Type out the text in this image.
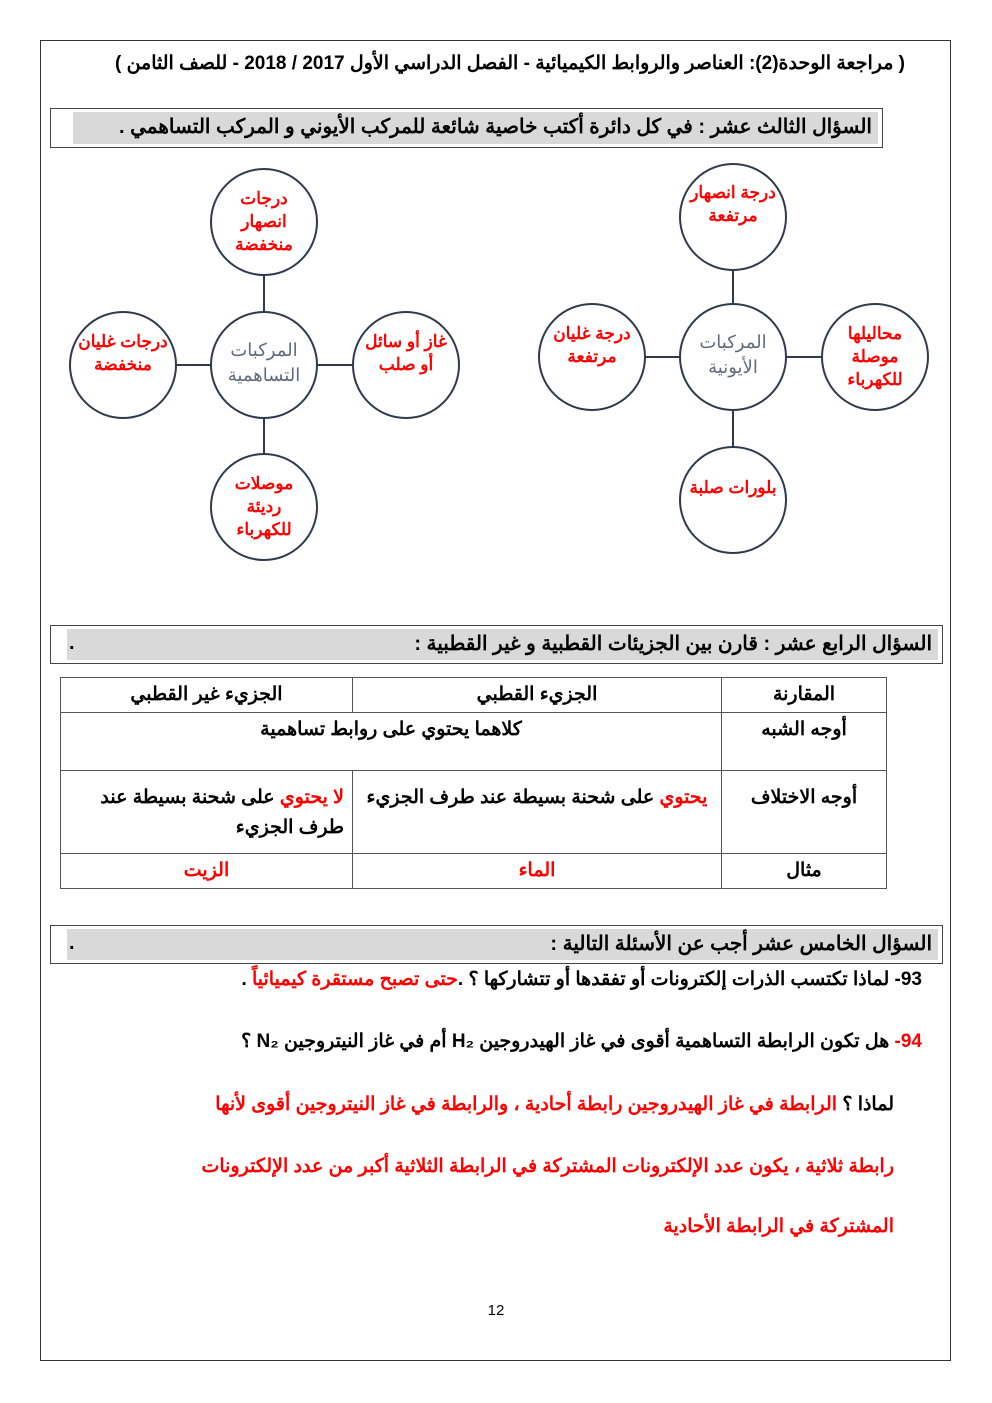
( مراجعة الوحدة(2): العناصر والروابط الكيميائية - الفصل الدراسي الأول 2017 / 2018 - للصف الثامن )
السؤال الثالث عشر : في كل دائرة أكتب خاصية شائعة للمركب الأيوني و المركب التساهمي .
المركبات التساهمية
درجات انصهار منخفضة
درجات غليان منخفضة
غاز أو سائل أو صلب
موصلات رديئة للكهرباء
المركبات الأيونية
درجة انصهار مرتفعة
درجة غليان مرتفعة
محاليلها موصلة للكهرباء
بلورات صلبة
السؤال الرابع عشر : قارن بين الجزيئات القطبية و غير القطبية :
.
المقارنة	الجزيء القطبي	الجزيء غير القطبي
أوجه الشبه	كلاهما يحتوي على روابط تساهمية	
أوجه الاختلاف	يحتوي على شحنة بسيطة عند طرف الجزيء	لا يحتوي على شحنة بسيطة عند طرف الجزيء
مثال	الماء	الزيت
السؤال الخامس عشر أجب عن الأسئلة التالية :
.
93- لماذا تكتسب الذرات إلكترونات أو تفقدها أو تتشاركها ؟ .حتى تصبح مستقرة كيميائياً .
94- هل تكون الرابطة التساهمية أقوى في غاز الهيدروجين H₂ أم في غاز النيتروجين N₂ ؟
لماذا ؟ الرابطة في غاز الهيدروجين رابطة أحادية ، والرابطة في غاز النيتروجين أقوى لأنها
رابطة ثلاثية ، يكون عدد الإلكترونات المشتركة في الرابطة الثلاثية أكبر من عدد الإلكترونات
المشتركة في الرابطة الأحادية
12
